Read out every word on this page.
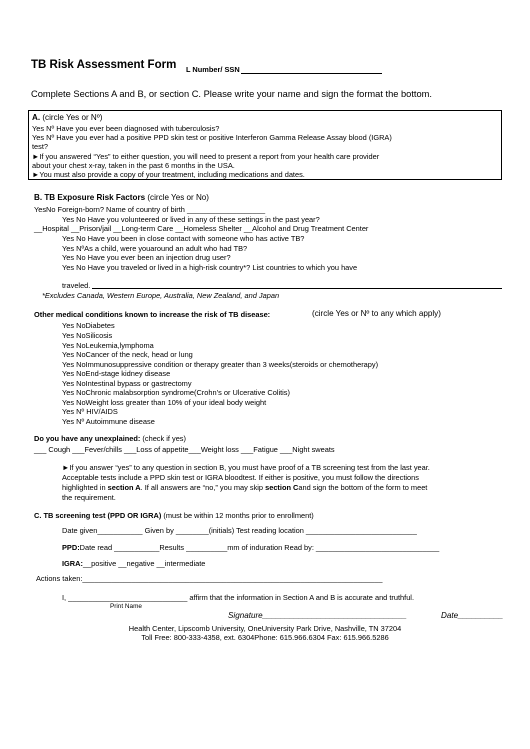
TB Risk Assessment Form L Number/ SSN
Complete Sections A and B, or section C. Please write your name and sign the format the bottom.
A. (circle Yes or Nº)
Yes Nº Have you ever been diagnosed with tuberculosis?
Yes Nº Have you ever had a positive PPD skin test or positive Interferon Gamma Release Assay blood (IGRA)
test?
►If you answered “Yes” to either question, you will need to present a report from your health care provider
about your chest x-ray, taken in the past 6 months in the USA.
►You must also provide a copy of your treatment, including medications and dates.
B. TB Exposure Risk Factors (circle Yes or No)
YesNo Foreign-born? Name of country of birth ___________________
Yes No Have you volunteered or lived in any of these settings in the past year?
__Hospital __Prison/jail __Long-term Care __Homeless Shelter __Alcohol and Drug Treatment Center
Yes No Have you been in close contact with someone who has active TB?
Yes NºAs a child, were youaround an adult who had TB?
Yes No Have you ever been an injection drug user?
Yes No Have you traveled or lived in a high-risk country*? List countries to which you have
traveled.
*Excludes Canada, Western Europe, Australia, New Zealand, and Japan
Other medical conditions known to increase the risk of TB disease:	(circle Yes or Nº to any which apply)
Yes NoDiabetes
Yes NoSilicosis
Yes NoLeukemia,lymphoma
Yes NoCancer of the neck, head or lung
Yes NoImmunosuppressive condition or therapy greater than 3 weeks(steroids or chemotherapy)
Yes NoEnd-stage kidney disease
Yes NoIntestinal bypass or gastrectomy
Yes NoChronic malabsorption syndrome(Crohn’s or Ulcerative Colitis)
Yes NoWeight loss greater than 10% of your ideal body weight
Yes Nº HIV/AIDS
Yes Nº Autoimmune disease
Do you have any unexplained: (check if yes)
___ Cough ___Fever/chills ___Loss of appetite___Weight loss ___Fatigue ___Night sweats
►If you answer “yes” to any question in section B, you must have proof of a TB screening test from the last year.
Acceptable tests include a PPD skin test or IGRA bloodtest. If either is positive, you must follow the directions
highlighted in section A. If all answers are “no,” you may skip section Cand sign the bottom of the form to meet
the requirement.
C. TB screening test (PPD OR IGRA) (must be within 12 months prior to enrollment)
Date given___________ Given by ________(initials) Test reading location ___________________________
PPD:Date read ___________Results __________mm of induration Read by: ______________________________
IGRA:__positive __negative __intermediate
Actions taken:_________________________________________________________________________
I, _____________________________ affirm that the information in Section A and B is accurate and truthful.
Print Name
Signature________________________________	Date__________
Health Center, Lipscomb University, OneUniversity Park Drive, Nashville, TN 37204
Toll Free: 800-333-4358, ext. 6304Phone: 615.966.6304 Fax: 615.966.5286
